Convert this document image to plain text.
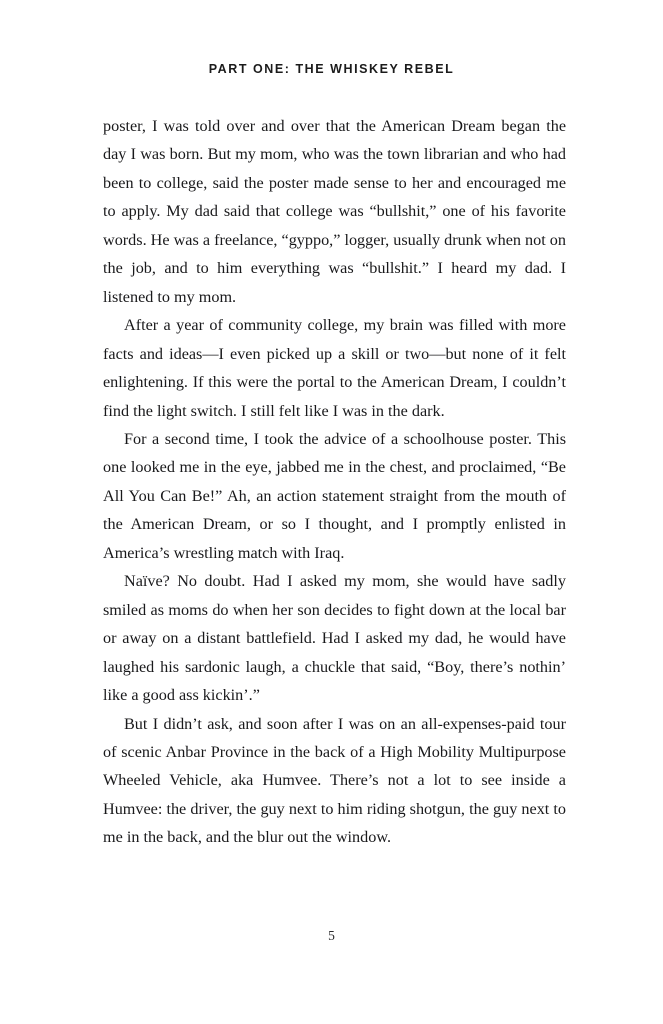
PART ONE: THE WHISKEY REBEL

poster, I was told over and over that the American Dream began the day I was born. But my mom, who was the town librarian and who had been to college, said the poster made sense to her and encouraged me to apply. My dad said that college was “bullshit,” one of his favorite words. He was a freelance, “gyppo,” logger, usually drunk when not on the job, and to him everything was “bullshit.” I heard my dad. I listened to my mom.

After a year of community college, my brain was filled with more facts and ideas—I even picked up a skill or two—but none of it felt enlightening. If this were the portal to the American Dream, I couldn’t find the light switch. I still felt like I was in the dark.

For a second time, I took the advice of a schoolhouse poster. This one looked me in the eye, jabbed me in the chest, and proclaimed, “Be All You Can Be!” Ah, an action statement straight from the mouth of the American Dream, or so I thought, and I promptly enlisted in America’s wrestling match with Iraq.

Naïve? No doubt. Had I asked my mom, she would have sadly smiled as moms do when her son decides to fight down at the local bar or away on a distant battlefield. Had I asked my dad, he would have laughed his sardonic laugh, a chuckle that said, “Boy, there’s nothin’ like a good ass kickin’.”

But I didn’t ask, and soon after I was on an all-expenses-paid tour of scenic Anbar Province in the back of a High Mobility Multipurpose Wheeled Vehicle, aka Humvee. There’s not a lot to see inside a Humvee: the driver, the guy next to him riding shotgun, the guy next to me in the back, and the blur out the window.

5
